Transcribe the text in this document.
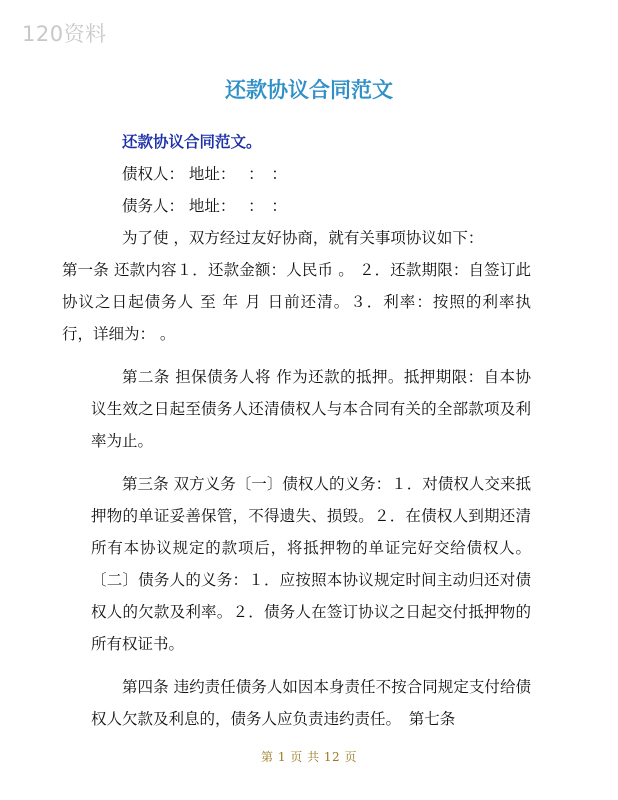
120资料
还款协议合同范文
还款协议合同范文。
债权人： 地址：　 ：　：
债务人： 地址：　 ：　：
为了使 ，双方经过友好协商，就有关事项协议如下：
第一条 还款内容１．还款金额：人民币 。 ２．还款期限：自签订此协议之日起债务人 至 年 月 日前还清。３．利率：按照的利率执行，详细为： 。
第二条 担保债务人将 作为还款的抵押。抵押期限：自本协议生效之日起至债务人还清债权人与本合同有关的全部款项及利率为止。
第三条 双方义务〔一〕债权人的义务：１．对债权人交来抵押物的单证妥善保管，不得遗失、损毁。２．在债权人到期还清所有本协议规定的款项后，将抵押物的单证完好交给债权人。〔二〕债务人的义务：１．应按照本协议规定时间主动归还对债权人的欠款及利率。２．债务人在签订协议之日起交付抵押物的所有权证书。
第四条 违约责任债务人如因本身责任不按合同规定支付给债权人欠款及利息的，债务人应负责违约责任。　第七条
第 1 页 共 12 页
